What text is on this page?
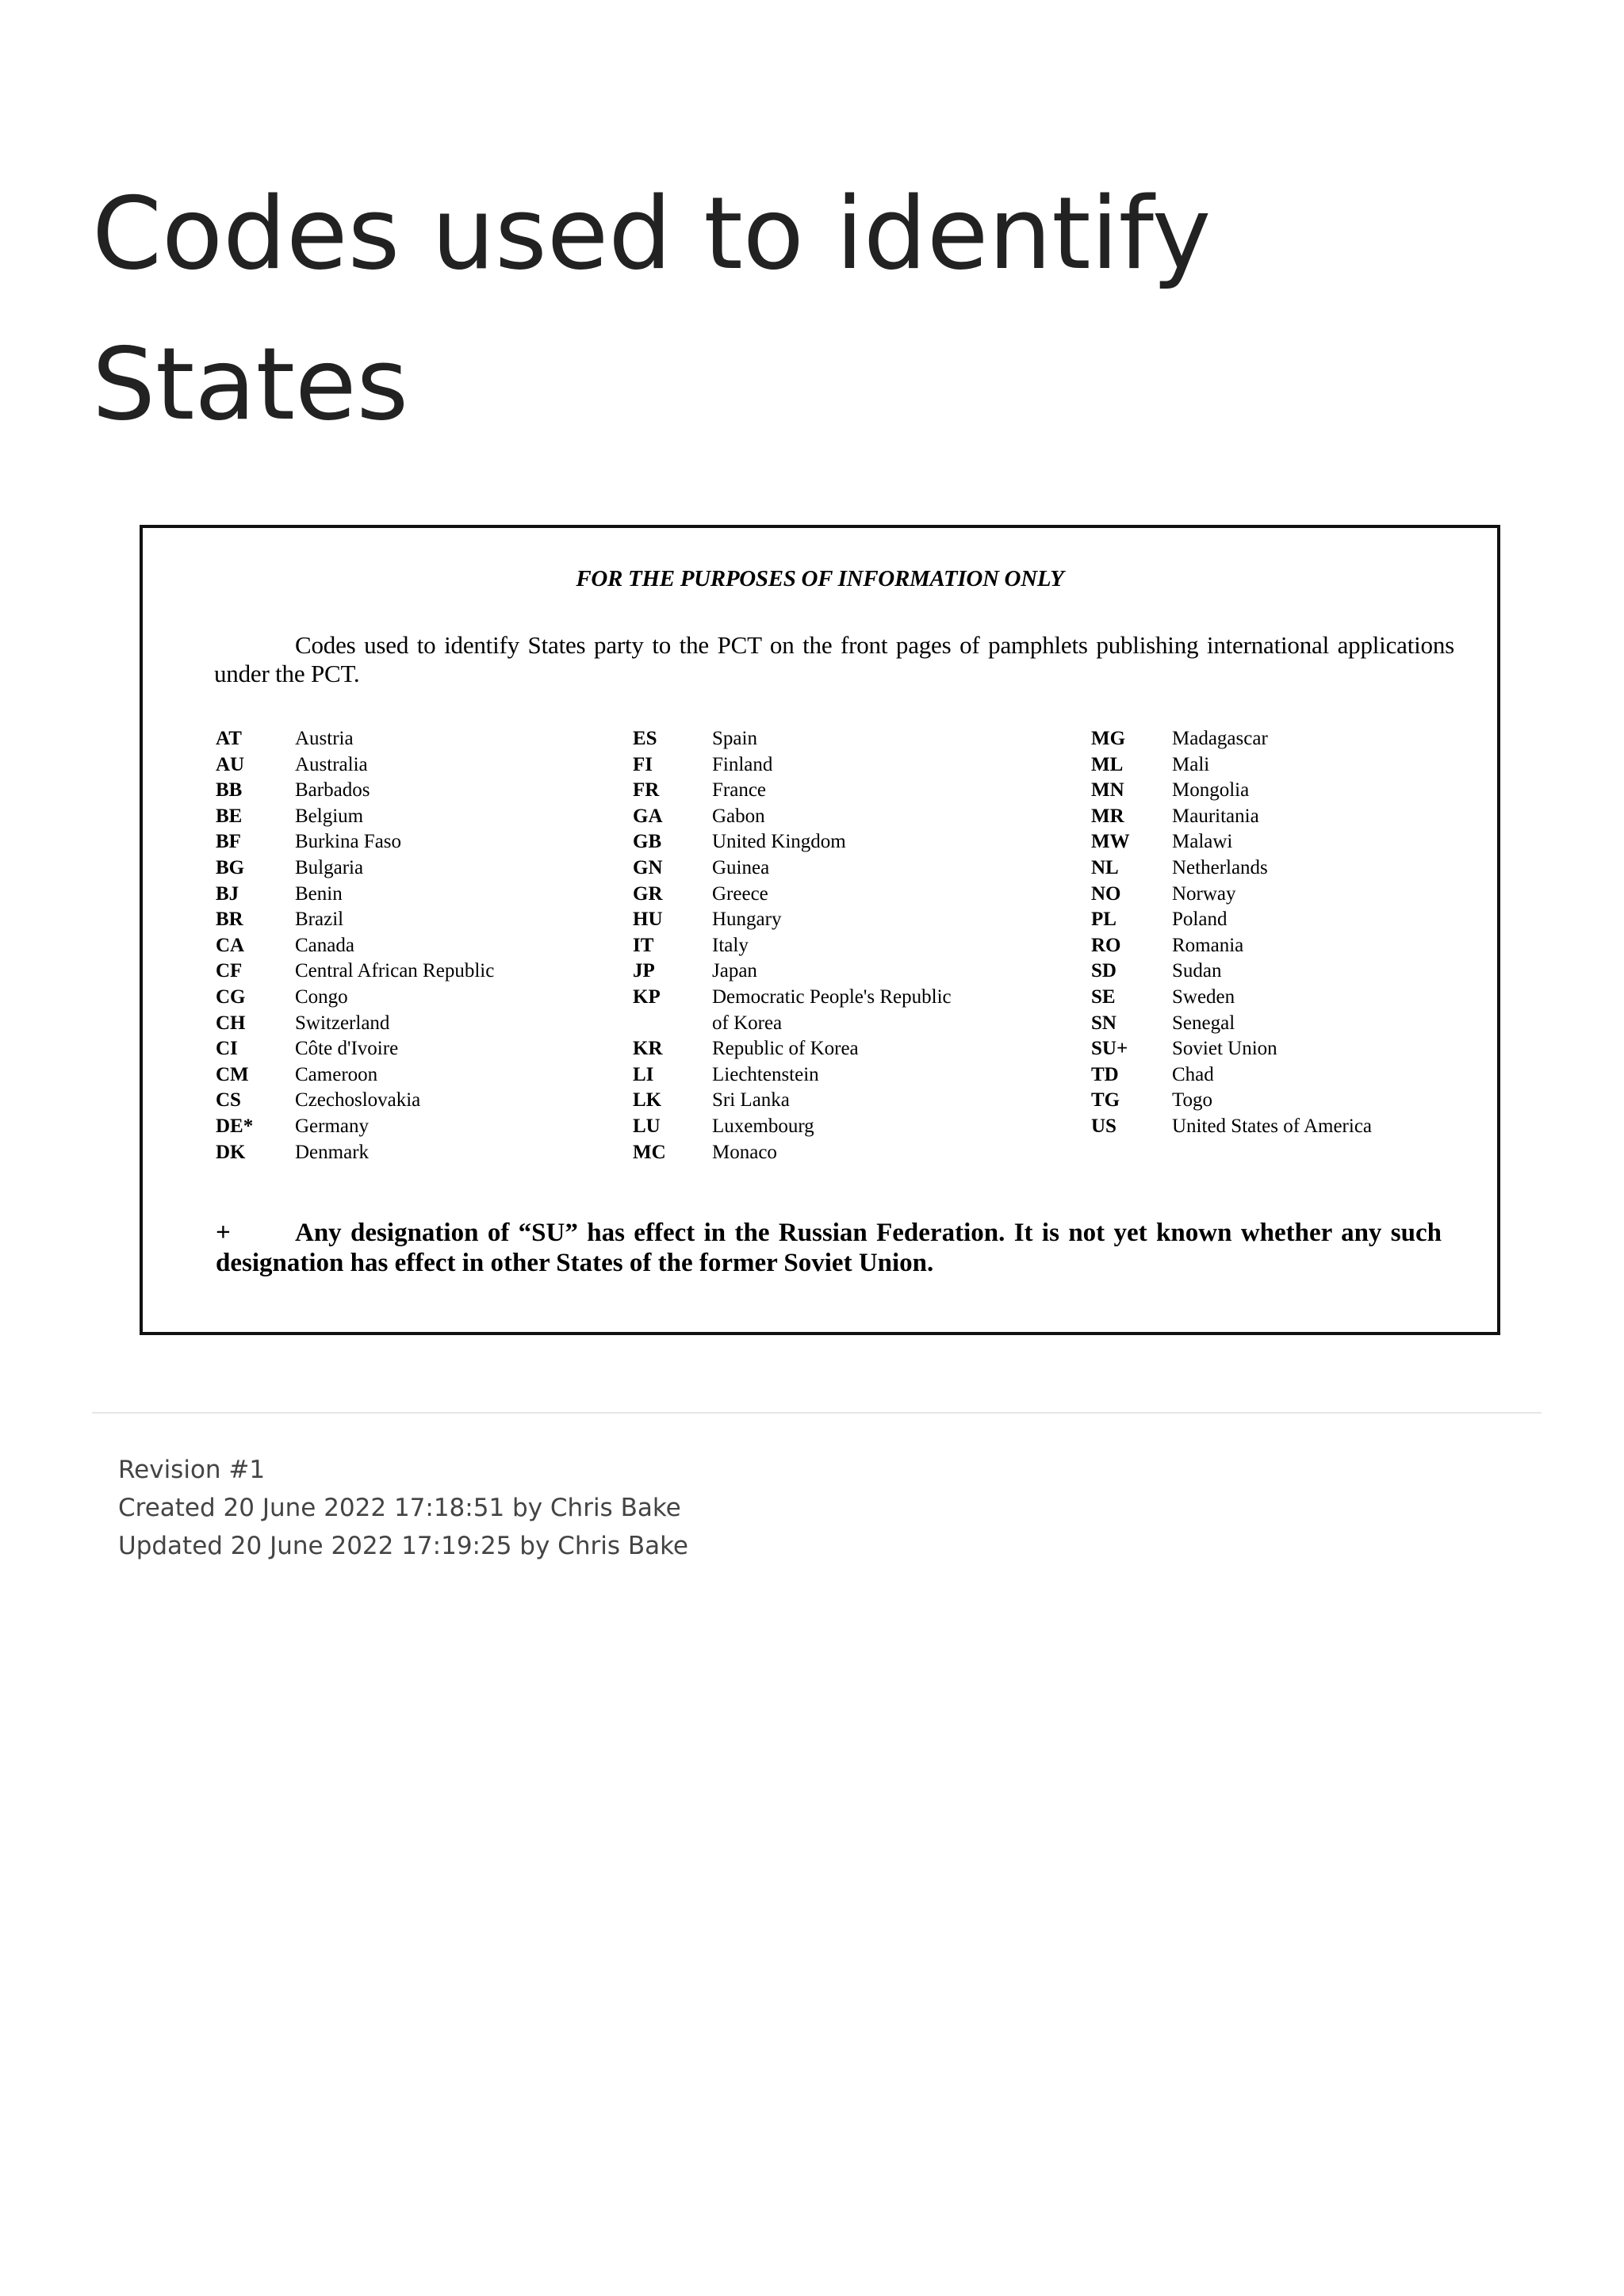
Codes used to identify States
FOR THE PURPOSES OF INFORMATION ONLY
Codes used to identify States party to the PCT on the front pages of pamphlets publishing international applications under the PCT.
AT	Austria
AU	Australia
BB	Barbados
BE	Belgium
BF	Burkina Faso
BG	Bulgaria
BJ	Benin
BR	Brazil
CA	Canada
CF	Central African Republic
CG	Congo
CH	Switzerland
CI	Côte d'Ivoire
CM	Cameroon
CS	Czechoslovakia
DE*	Germany
DK	Denmark
ES	Spain
FI	Finland
FR	France
GA	Gabon
GB	United Kingdom
GN	Guinea
GR	Greece
HU	Hungary
IT	Italy
JP	Japan
KP	Democratic People's Republic
of Korea
KR	Republic of Korea
LI	Liechtenstein
LK	Sri Lanka
LU	Luxembourg
MC	Monaco
MG	Madagascar
ML	Mali
MN	Mongolia
MR	Mauritania
MW	Malawi
NL	Netherlands
NO	Norway
PL	Poland
RO	Romania
SD	Sudan
SE	Sweden
SN	Senegal
SU+	Soviet Union
TD	Chad
TG	Togo
US	United States of America
+ Any designation of “SU” has effect in the Russian Federation. It is not yet known whether any such designation has effect in other States of the former Soviet Union.
Revision #1
Created 20 June 2022 17:18:51 by Chris Bake
Updated 20 June 2022 17:19:25 by Chris Bake
